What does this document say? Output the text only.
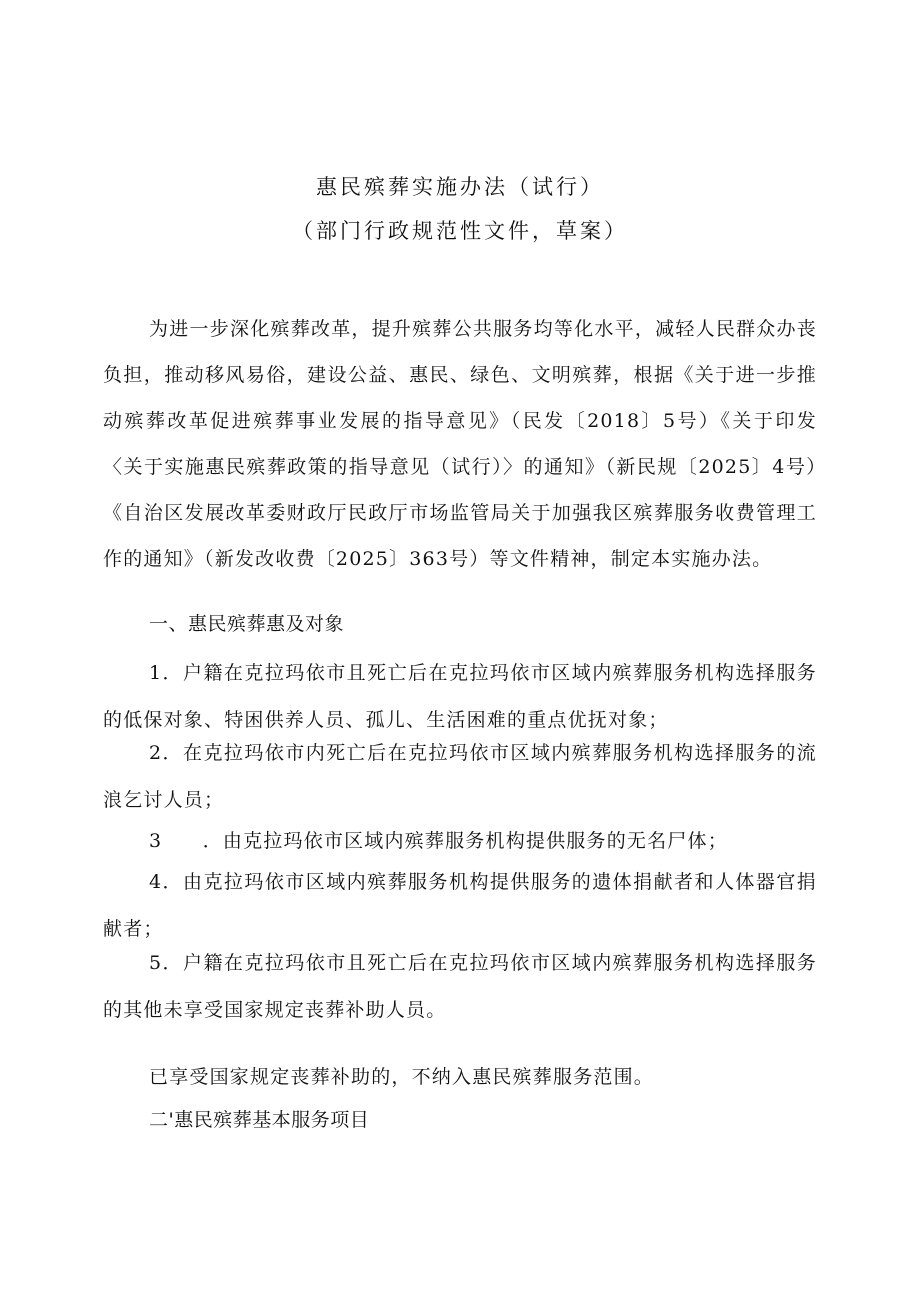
惠民殡葬实施办法（试行）
（部门行政规范性文件，草案）
为进一步深化殡葬改革，提升殡葬公共服务均等化水平，减轻人民群众办丧负担，推动移风易俗，建设公益、惠民、绿色、文明殡葬，根据《关于进一步推动殡葬改革促进殡葬事业发展的指导意见》（民发〔2018〕5号）《关于印发〈关于实施惠民殡葬政策的指导意见（试行）〉的通知》（新民规〔2025〕4号）《自治区发展改革委财政厅民政厅市场监管局关于加强我区殡葬服务收费管理工作的通知》（新发改收费〔2025〕363号）等文件精神，制定本实施办法。
一、惠民殡葬惠及对象
1．户籍在克拉玛依市且死亡后在克拉玛依市区域内殡葬服务机构选择服务的低保对象、特困供养人员、孤儿、生活困难的重点优抚对象；
2．在克拉玛依市内死亡后在克拉玛依市区域内殡葬服务机构选择服务的流浪乞讨人员；
3　　．由克拉玛依市区域内殡葬服务机构提供服务的无名尸体；
4．由克拉玛依市区域内殡葬服务机构提供服务的遗体捐献者和人体器官捐献者；
5．户籍在克拉玛依市且死亡后在克拉玛依市区域内殡葬服务机构选择服务的其他未享受国家规定丧葬补助人员。
已享受国家规定丧葬补助的，不纳入惠民殡葬服务范围。
二'惠民殡葬基本服务项目
